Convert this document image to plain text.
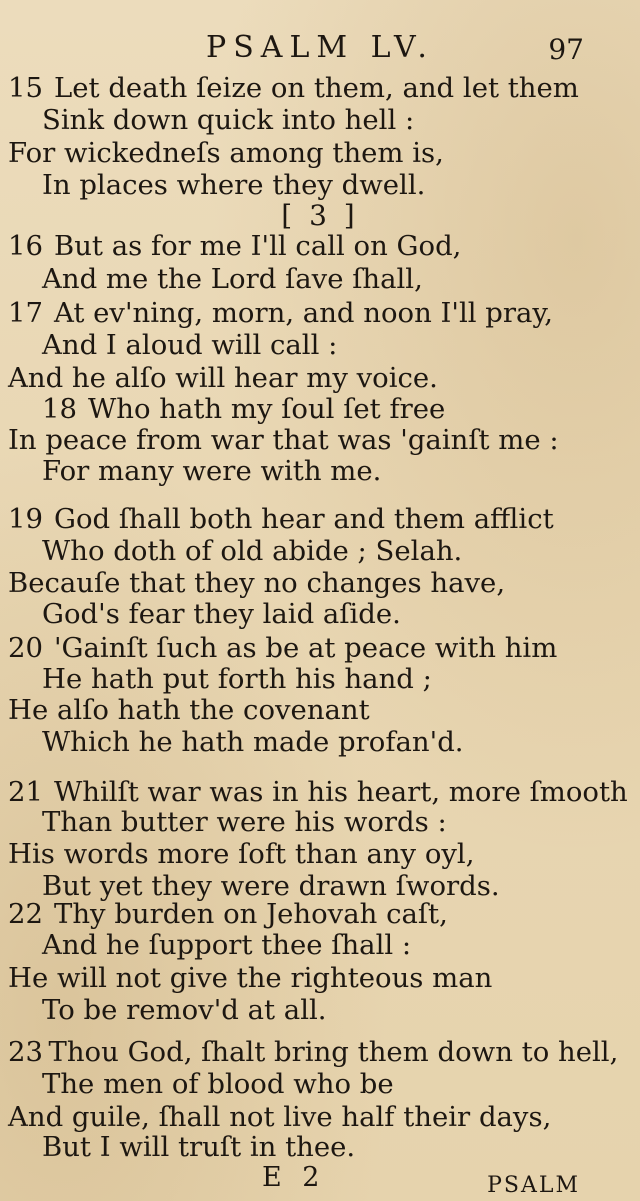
PSALM LV.	97
[ 3 ]
15   Let death ſeize on them, and let them
Sink down quick into hell :
For wickedneſs among them is,
In places where they dwell.
16   But as for me I'll call on God,
And me the Lord ſave ſhall,
17   At ev'ning, morn, and noon I'll pray,
And I aloud will call :
And he alſo will hear my voice.
18   Who hath my ſoul ſet free
In peace from war that was 'gainſt me :
For many were with me.
19   God ſhall both hear and them afflict
Who doth of old abide ; Selah.
Becauſe that they no changes have,
God's fear they laid aſide.
20   'Gainſt ſuch as be at peace with him
He hath put forth his hand ;
He alſo hath the covenant
Which he hath made profan'd.
21   Whilſt war was in his heart, more ſmooth
Than butter were his words :
His words more ſoft than any oyl,
But yet they were drawn ſwords.
22   Thy burden on Jehovah caſt,
And he ſupport thee ſhall :
He will not give the righteous man
To be remov'd at all.
23  Thou God, ſhalt bring them down to hell,
The men of blood who be
And guile, ſhall not live half their days,
But I will truſt in thee.
E 2	PSALM
